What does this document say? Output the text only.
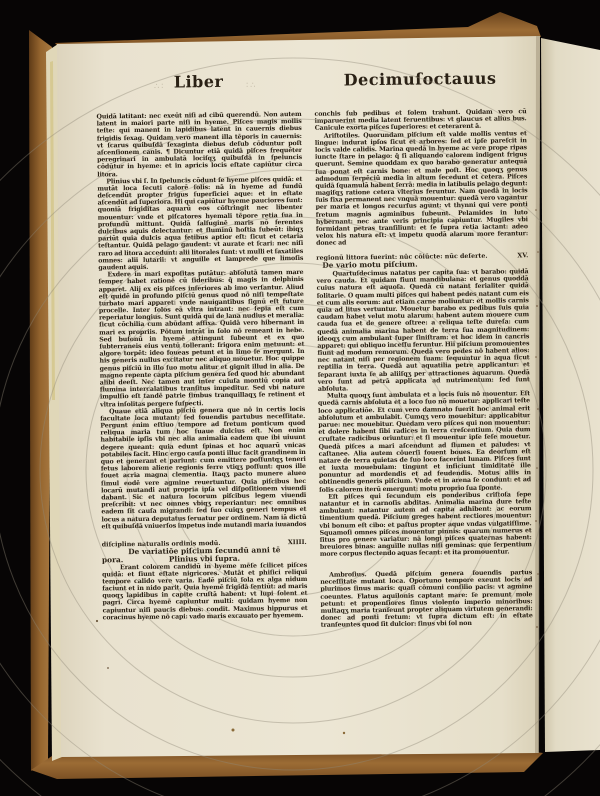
Liber	Decimuſoctauus
∴∶	∶∴

Quidā latitant: nec exeūt niſi ad cibū querendū. Non autem latent in maiori parte niſi in hyeme. Piſces magis mollis teſte: qui manent in lapidibus latent in cauernis diebus frigidis ſexag. Quidam vero manent illa tēporis in cauernis: vt ſcarus quibuſdā ſexaginta diebus deſub cōduntur poſt aſcenſionem canis. ¶ Dicuntur etiā quidā piſces frequēter peregrinari in ambulatā lociſqʒ quibuſdā in ſpeluncis cōdūtur in hyeme: et in apricis locis eſtate capiūtur circa litora.

Plinius vbi ſ. In ſpeluncis cōdunt ſe hyeme piſces quidā: et mutāt loca ſecuti calorē ſolis: nā in hyeme ad fundū deſcendūt propter frigus ſuperficiei aque: et in eſtate aſcendūt ad ſuperiora. Hi qui capiūtur hyeme pauciores ſunt: quoniā frigiditas aquarū eos cōſtringit nec libenter mouentur: vnde et piſcatores hyemali tēpore retia ſua in profundū mittunt. Quidā ſalſuginē maris nō ferentes dulcibus aquis delectantur: et fluminū hoſtia ſubeūt: ibiqʒ pariūt quia dulcis aqua fetibus aptior eſt: ſicut et cetaria teſtantur. Quidā pelago gaudent: vt aurate et ſcari: nec niſi raro ad litora accedunt: alii litorales ſunt: vt mulli et ſaxatiles omnes: alii lutarii: vt anguille et lamprede que limoſis gaudent aquis.

Exdere in mari expoſitas putātur: abſolutā tamen mare ſemper habet rationē cū ſideribus: q̄ magis in delphinis apparet. Alij ex eis piſces inferiores ab imo verſantur. Aliud eſt quidē in profundo piſciū genus quod nō niſi tempeſtate turbato mari apparet: vnde nauigantibus ſignū eſt future procelle. Inter ſolos eā vltra intrant: nec ſepia eſt cum reperiatur longius. Sunt quidā qui de lana nudius et meralia: ſicut cōchilia cum abūdant affixa. Quidā vero hibernant in mari ex propriis. Pōtum intrāt in ſolo nō remeant in hebe. Sed bufonū in hyemē attingunt ſubeunt et ex quo ſubterraneis eius ventū tollerant: frigora enim metuunt: et algore torpēt: ideo foueas petunt et in limo ſe mergunt. In his generis nullus excitatur nec aliquo mouetur. Hoc quippe genus piſciū in illo ſuo motu alitur et gignit illud in alia. De magno repente capta piſcium genera ſed quod hic abundant alibi deeſt. Nec tamen aut inter cuiuſa montiū copia aut flumina intercalatibus tranſitus impeditur. Sed vbi nature impulſio eſt tandē patrie fimbus tranquillaqʒ ſe retinent et vltra inſolitas pergere ſuſpecti.

Quaue etiā aliqua piſciū genera que nō in certis locis facultate loca mutant: ſed fouendis partubus neceſſitate. Pergunt enim eſtiuo tempore ad fretum ponticum quod reliqua maria tum hoc ſuaue dulcius eſt. Non enim habitabile ipſis vbi nec alia animalia eadem que ibi uiuunt degere queant: quia edunt ſpinas et hoc aquarū vnicas potabiles facit. Hinc ergo cauſa ponti illuc facit grandinem in quo et generant et pariunt: cum emittere poſſuntqʒ teneri fetus laborem aliene regionis ferre vtiqʒ poſſunt: quos ille fouet acria magna clementia. Itaqʒ pacto munere alueo ſimul eodē vere agmine reuertuntur. Quia piſcibus hec locarū mutandi aut propria ipſa vel diſpoſitionem viuendi dabant. Sic et natura locorum piſcibus legem viuendi preſcribit: vt nec omnes vbiqʒ reperiantur: nec omnibus eadem ſit cauſa migrandi: ſed ſuo cuiqʒ generi tempus et locus a natura deputatus ſeruatur per ordinem. Nam iā dictū eſt quibuſdā vniuerſos impetus inde mutandi maria iuuandos

diſcipline naturalis ordinis modū.	XIIII.
De variatiōe piſcium ſecundū anni tē
pora.	Plinius vbi ſupra.

Erant colorem candidū in hyeme mēſe ſcilicet piſces quidā: et fiunt eſtate nigricores. Mutāt et phiſici reliqui tempore calido vere varia. Eadē piſciū ſola ex alga nidum faciunt et in nido parit. Quia hyemē frigidā ſentiūt: ad maris quoqʒ lapidibus in capite cruſtā habent: vt lupi ſolent et pagri. Circa hyemē capiuntur multi: quidam hyeme non capiuntur niſi paucis diebus: condit. Maximus hippurus et coracinus hyeme nō capi: vado maris excauato per hyemem.

conchis ſub pedibus et ſolem trahunt. Quidam vero cū imparuerint media latent feruentibus: vt glaucus et alius bus. Canicule exorta piſces ſuperiores: et ceterarent ā.

Ariſtotiles. Quorundam piſcium eſt valde mollis ventus et lingue: indurat ipſos ſicut et arbores: ſed et ipſe pareſcit in locis valde calidis. Marina quedā in hyeme ac vere prope ripas iuncte ſtare in pelago: q̄ ſi aliquando calorem indigent frigus querunt. Semine quoddam ex quo barabo generatur antequā ſua ponat eſt carnis bone: et male poſt. Hoc quoqʒ genus admodum ſerpēciū media in altum ſecedunt et cetera. Piſces quidā ſquamulā habent ſerrā: media in latibulis pelago degunt: magiſqʒ ratione cetera vlterius feruntur. Nam quedā in locis ſuis fixa permanent nec vnquā mouentur: quedā vero vagantur per maria et longos recurſus agunt: vt thynni qui vere ponti fretum magnis agminibus ſubeunt. Pelamides in luto hybernant: nec ante veris principia capiuntur. Mugiles vbi formidant petras tranſiliunt: et ſe ſupra retia iactant: adeo velox his natura eſt: vt impetu quodā alarum more ferantur: donec ad

regionū littora fuerint: nūc cōiūcte: nūc deſerte.	XV.
De vario motu piſcium.

Quartuſdecimus natatus per capita ſua: vt barabo: quidā vero cauda. Et quidam fiunt mandibulana: et genus quoddā cuius natura eſt aquoſa. Quedā cū natant ferialiter quidā ſolitarie. O quam multi piſces qui habent pedes natant cum eis et cum alis eorum: aut etiam carne moliuntur: et mollis carnis quia ad litus vertuntur. Mouetur barabo ex pedibus ſuis quia caudam habet velut motu alarum: habent autem mouere cum cauda ſua et de genere oſtree: a reliqua teſte dureſa: cum quedā animalia marina habent de terra ſua magnitudinem: ideoqʒ cum ambulant ſuper ſiniſtram: et hoc idem in cancris apparet: qui obliquo inceſſu feruntur. Hii piſcium promouentes fiunt ad modum remorum. Quedā vero pedes nō habent alios: nec natant niſi per regionem ſuam: ſequuntur in aqua ſicut reptilia in terra. Quedā aut aquatilia petre applicantur: et ſeparant iuxta ſe ab aliiſqʒ per attractiones aquarum. Quedā vero ſunt ad petrā applicata ad nutrimentum: ſed ſunt abſoluta.

Multa quoqʒ ſunt ambulata et a locis ſuis nō mouentur. Eſt quedā carnis abſoluta et a loco ſuo nō mouetur: applicari teſte loco applicatiōe. Et cum vero damnato fuerit hoc animal erit abſolutum et ambulabit. Cumqʒ vero mouebitur: applicabitur parue: nec mouebitur. Quedam vero piſces qui non mouentur: et dolere habent ſibi radices in terra creſcentium. Quia dum cruſtate radicibus oriuntur: et ſi mouentur ipſe ſeſe mouetur. Quedā piſces a mari aſcendunt ad flumen et paludes: vt caſtanee. Alia autem cōuerſi fouent boues. Ea deorſum eſt natare de terra quietas de ſuo loco facerint lunam. Piſces ſunt et iuxta mouebulam: tingunt et inficiunt timiditatē ille ponuntur ad mordendis et ad feudendis. Motus aliis in obtinendis generis piſcium. Vnde et in arena ſe condunt: et ad ſolis calorem iterū emergunt: motu proprio ſua ſponte.

Eſt piſces qui ſecundum eis ponderibus criſtoſa ſepe natantur et in carnoſis abditas. Animalia marina dure teſte ambulant: natantur autem ad capita adhibent: ac eorum timentium quedā. Piſcium greges habent rectiores mouentur: vbi bonum eſt cibo: et paſtus propter aque vndas vulgatiſſime. Squamoſi omnes piſces mouentur pinnis: quarum numerus et ſitus pro genere variatur: nā longi piſces quaternas habent: breuiores binas: anguille nullas niſi geminas: que ſerpentium more corpus flectendo aquas ſecant: et ita promouentur.

Ambroſius. Quedā piſcium genera fouendis partus neceſſitate mutant loca. Oportuno tempore exeunt locis ad plurimos ſinus maris: quaſi cōmuni conſilio pacis: vt agmine coeuntes. Flatus aquilonis captant mare: ſe premunt mole petunt: et propenſiores ſinus violento imperio minoribus: multaqʒ maria tranſeunt propter aliquam virtutem generandi: donec ad ponti fretum: vt ſupra dictum eſt: in eſtate tranſeuntes quod ſit dulcior: ſinus vbi ſol non
